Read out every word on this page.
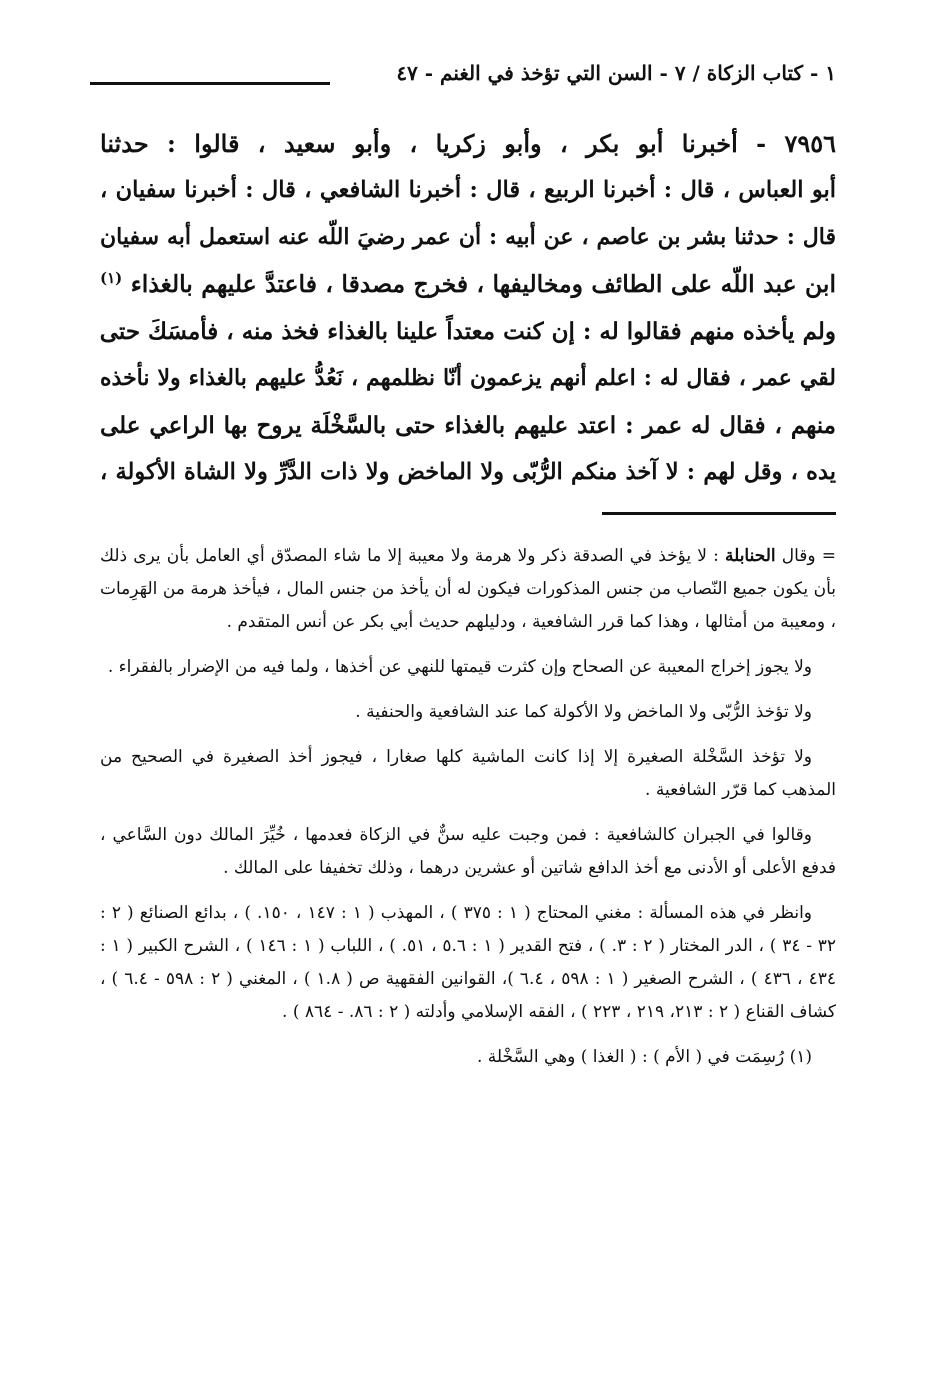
١ - كتاب الزكاة / ٧ - السن التي تؤخذ في الغنم - ٤٧
٧٩٥٦ - أخبرنا أبو بكر ، وأبو زكريا ، وأبو سعيد ، قالوا : حدثنا
أبو العباس ، قال : أخبرنا الربيع ، قال : أخبرنا الشافعي ، قال : أخبرنا سفيان ،
قال : حدثنا بشر بن عاصم ، عن أبيه : أن عمر رضيَ اللّه عنه استعمل أبه سفيان
ابن عبد اللّه على الطائف ومخاليفها ، فخرج مصدقا ، فاعتدَّ عليهم بالغذاء $^{(١)}$
ولم يأخذه منهم فقالوا له : إن كنت معتداً علينا بالغذاء فخذ منه ، فأمسَكَ حتى
لقي عمر ، فقال له : اعلم أنهم يزعمون أنّا نظلمهم ، نَعُدُّ عليهم بالغذاء ولا نأخذه
منهم ، فقال له عمر : اعتد عليهم بالغذاء حتى بالسَّخْلَة يروح بها الراعي على
يده ، وقل لهم : لا آخذ منكم الرُّبّى ولا الماخض ولا ذات الدَّرِّ ولا الشاة الأكولة ،

= وقال الحنابلة : لا يؤخذ في الصدقة ذكر ولا هرمة ولا معيبة إلا ما شاء المصدّق أي العامل بأن يرى ذلك بأن يكون جميع النّصاب من جنس المذكورات فيكون له أن يأخذ من جنس المال ، فيأخذ هرمة من الهَرِمات ، ومعيبة من أمثالها ، وهذا كما قرر الشافعية ، ودليلهم حديث أبي بكر عن أنس المتقدم .

ولا يجوز إخراج المعيبة عن الصحاح وإن كثرت قيمتها للنهي عن أخذها ، ولما فيه من الإضرار بالفقراء .

ولا تؤخذ الرُّبّى ولا الماخض ولا الأكولة كما عند الشافعية والحنفية .

ولا تؤخذ السَّخْلة الصغيرة إلا إذا كانت الماشية كلها صغارا ، فيجوز أخذ الصغيرة في الصحيح من المذهب كما قرّر الشافعية .

وقالوا في الجبران كالشافعية : فمن وجبت عليه سنٌّ في الزكاة فعدمها ، خُيِّرَ المالك دون السَّاعي ، فدفع الأعلى أو الأدنى مع أخذ الدافع شاتين أو عشرين درهما ، وذلك تخفيفا على المالك .

وانظر في هذه المسألة : مغني المحتاج ( ١ : ٣٧٥ ) ، المهذب ( ١ : ١٤٧ ، ١٥٠. ) ، بدائع الصنائع ( ٢ : ٣٢ - ٣٤ ) ، الدر المختار ( ٢ : ٣. ) ، فتح القدير ( ١ : ٥.٦ ، ٥١. ) ، اللباب ( ١ : ١٤٦ ) ، الشرح الكبير ( ١ : ٤٣٤ ، ٤٣٦ ) ، الشرح الصغير ( ١ : ٥٩٨ ، ٦.٤ )، القوانين الفقهية ص ( ١.٨ ) ، المغني ( ٢ : ٥٩٨ - ٦.٤ ) ، كشاف القناع ( ٢ : ٢١٣، ٢١٩ ، ٢٢٣ ) ، الفقه الإسلامي وأدلته ( ٢ : ٨٦. - ٨٦٤ ) .

(١) رُسِمَت في ( الأم ) : ( الغذا ) وهي السَّخْلة .
